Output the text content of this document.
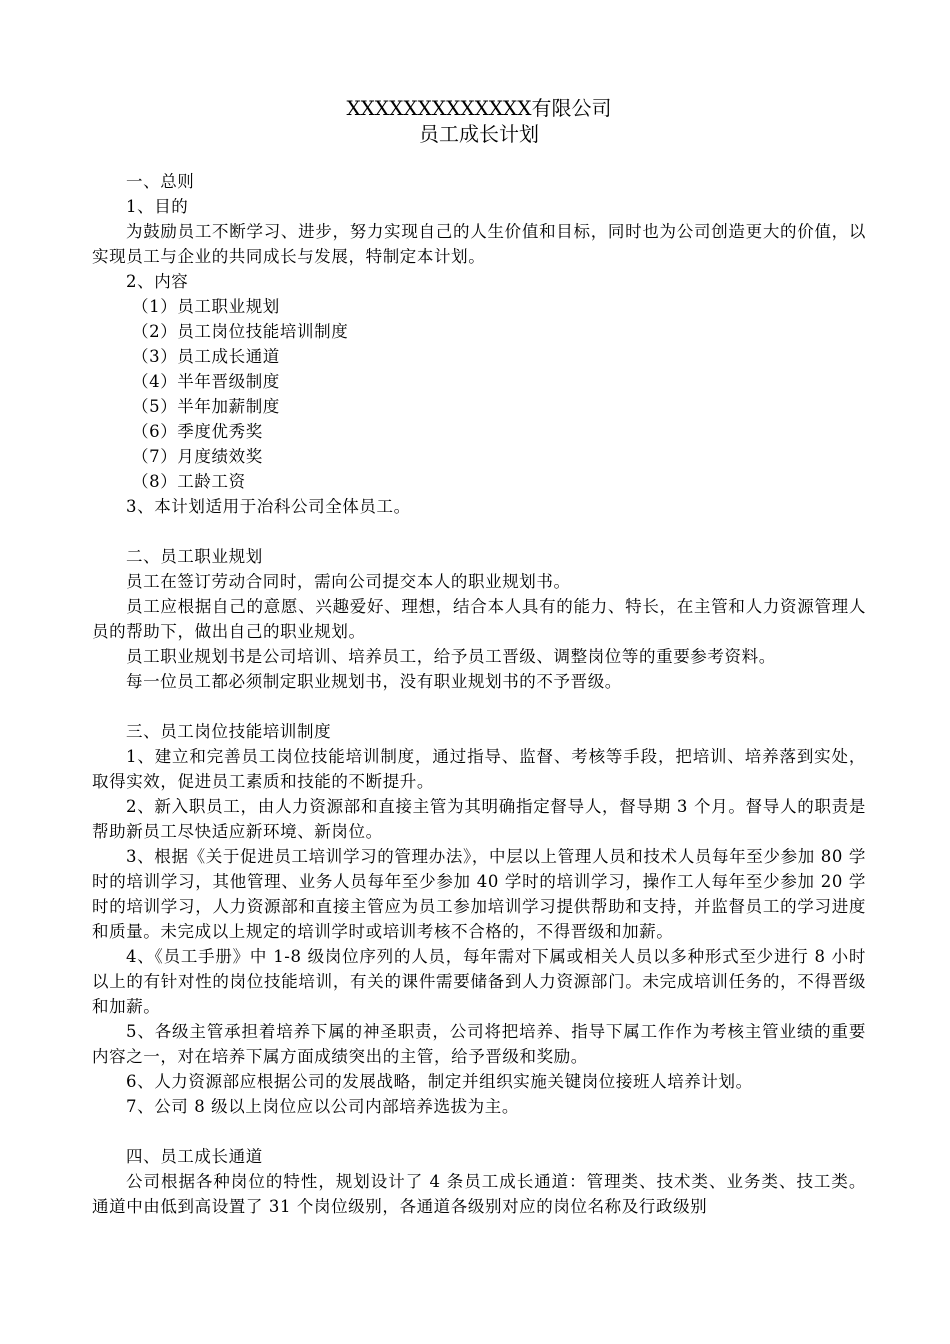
XXXXXXXXXXXXX有限公司
员工成长计划

一、总则

1、目的

为鼓励员工不断学习、进步，努力实现自己的人生价值和目标，同时也为公司创造更大的价值，以实现员工与企业的共同成长与发展，特制定本计划。

2、内容

（1）员工职业规划

（2）员工岗位技能培训制度

（3）员工成长通道

（4）半年晋级制度

（5）半年加薪制度

（6）季度优秀奖

（7）月度绩效奖

（8）工龄工资

3、本计划适用于冶科公司全体员工。

二、员工职业规划

员工在签订劳动合同时，需向公司提交本人的职业规划书。

员工应根据自己的意愿、兴趣爱好、理想，结合本人具有的能力、特长，在主管和人力资源管理人员的帮助下，做出自己的职业规划。

员工职业规划书是公司培训、培养员工，给予员工晋级、调整岗位等的重要参考资料。

每一位员工都必须制定职业规划书，没有职业规划书的不予晋级。

三、员工岗位技能培训制度

1、建立和完善员工岗位技能培训制度，通过指导、监督、考核等手段，把培训、培养落到实处，取得实效，促进员工素质和技能的不断提升。

2、新入职员工，由人力资源部和直接主管为其明确指定督导人，督导期 3 个月。督导人的职责是帮助新员工尽快适应新环境、新岗位。

3、根据《关于促进员工培训学习的管理办法》，中层以上管理人员和技术人员每年至少参加 80 学时的培训学习，其他管理、业务人员每年至少参加 40 学时的培训学习，操作工人每年至少参加 20 学时的培训学习，人力资源部和直接主管应为员工参加培训学习提供帮助和支持，并监督员工的学习进度和质量。未完成以上规定的培训学时或培训考核不合格的，不得晋级和加薪。

4、《员工手册》中 1-8 级岗位序列的人员，每年需对下属或相关人员以多种形式至少进行 8 小时以上的有针对性的岗位技能培训，有关的课件需要储备到人力资源部门。未完成培训任务的，不得晋级和加薪。

5、各级主管承担着培养下属的神圣职责，公司将把培养、指导下属工作作为考核主管业绩的重要内容之一，对在培养下属方面成绩突出的主管，给予晋级和奖励。

6、人力资源部应根据公司的发展战略，制定并组织实施关键岗位接班人培养计划。

7、公司 8 级以上岗位应以公司内部培养选拔为主。

四、员工成长通道

公司根据各种岗位的特性，规划设计了 4 条员工成长通道：管理类、技术类、业务类、技工类。通道中由低到高设置了 31 个岗位级别，各通道各级别对应的岗位名称及行政级别
